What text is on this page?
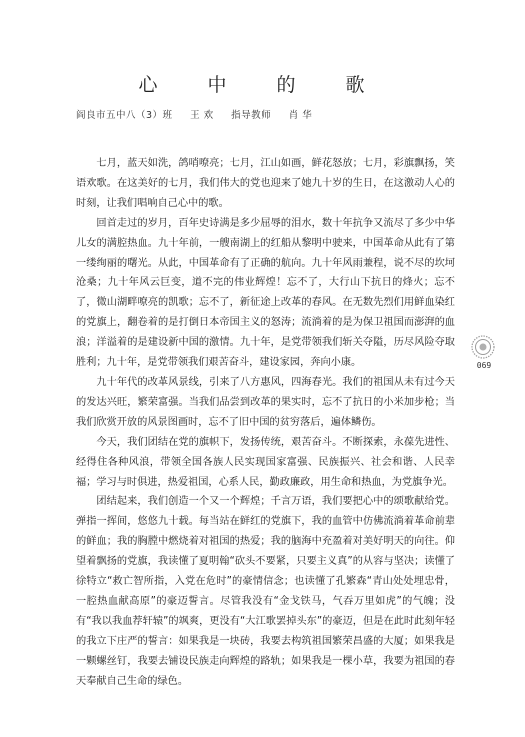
心 中 的 歌
阎良市五中八（3）班 王 欢 指导教师 肖 华

七月，蓝天如洗，鸽哨嘹亮；七月，江山如画，鲜花怒放；七月，彩旗飘扬，笑语欢歌。在这美好的七月，我们伟大的党也迎来了她九十岁的生日，在这激动人心的时刻，让我们唱响自己心中的歌。

回首走过的岁月，百年史诗满是多少屈辱的泪水，数十年抗争又流尽了多少中华儿女的满腔热血。九十年前，一艘南湖上的红船从黎明中驶来，中国革命从此有了第一缕绚丽的曙光。从此，中国革命有了正确的航向。九十年风雨兼程，说不尽的坎坷沧桑；九十年风云巨变，道不完的伟业辉煌！忘不了，大行山下抗日的烽火；忘不了，微山湖畔嘹亮的凯歌；忘不了，新征途上改革的春风。在无数先烈们用鲜血染红的党旗上，翻卷着的是打倒日本帝国主义的怒涛；流淌着的是为保卫祖国而澎湃的血浪；洋溢着的是建设新中国的激情。九十年，是党带领我们斩关夺隘，历尽风险夺取胜利；九十年，是党带领我们艰苦奋斗，建设家园，奔向小康。

九十年代的改革风景线，引来了八方惠风，四海春光。我们的祖国从未有过今天的发达兴旺，繁荣富强。当我们品尝到改革的果实时，忘不了抗日的小米加步枪；当我们欣赏开放的风景图画时，忘不了旧中国的贫穷落后，遍体鳞伤。

今天，我们团结在党的旗帜下，发扬传统，艰苦奋斗。不断探索，永葆先进性、经得住各种风浪，带领全国各族人民实现国家富强、民族振兴、社会和谐、人民幸福；学习与时俱进，热爱祖国，心系人民，勤政廉政，用生命和热血，为党旗争光。

团结起来，我们创造一个又一个辉煌；千言万语，我们要把心中的颂歌献给党。弹指一挥间，悠悠九十载。每当站在鲜红的党旗下，我的血管中仿佛流淌着革命前辈的鲜血；我的胸膛中燃烧着对祖国的热爱；我的脑海中充盈着对美好明天的向往。仰望着飘扬的党旗，我读懂了夏明翰“砍头不要紧，只要主义真”的从容与坚决；读懂了徐特立“救亡智所指，入党在危时”的豪情信念；也读懂了孔繁森“青山处处埋忠骨，一腔热血献高原”的豪迈誓言。尽管我没有“金戈铁马，气吞万里如虎”的气魄；没有“我以我血荐轩辕”的飒爽，更没有“大江歌罢掉头东”的豪迈，但是在此时此刻年轻的我立下庄严的誓言：如果我是一块砖，我要去构筑祖国繁荣昌盛的大厦；如果我是一颗螺丝钉，我要去铺设民族走向辉煌的路轨；如果我是一棵小草，我要为祖国的春天奉献自己生命的绿色。

069
